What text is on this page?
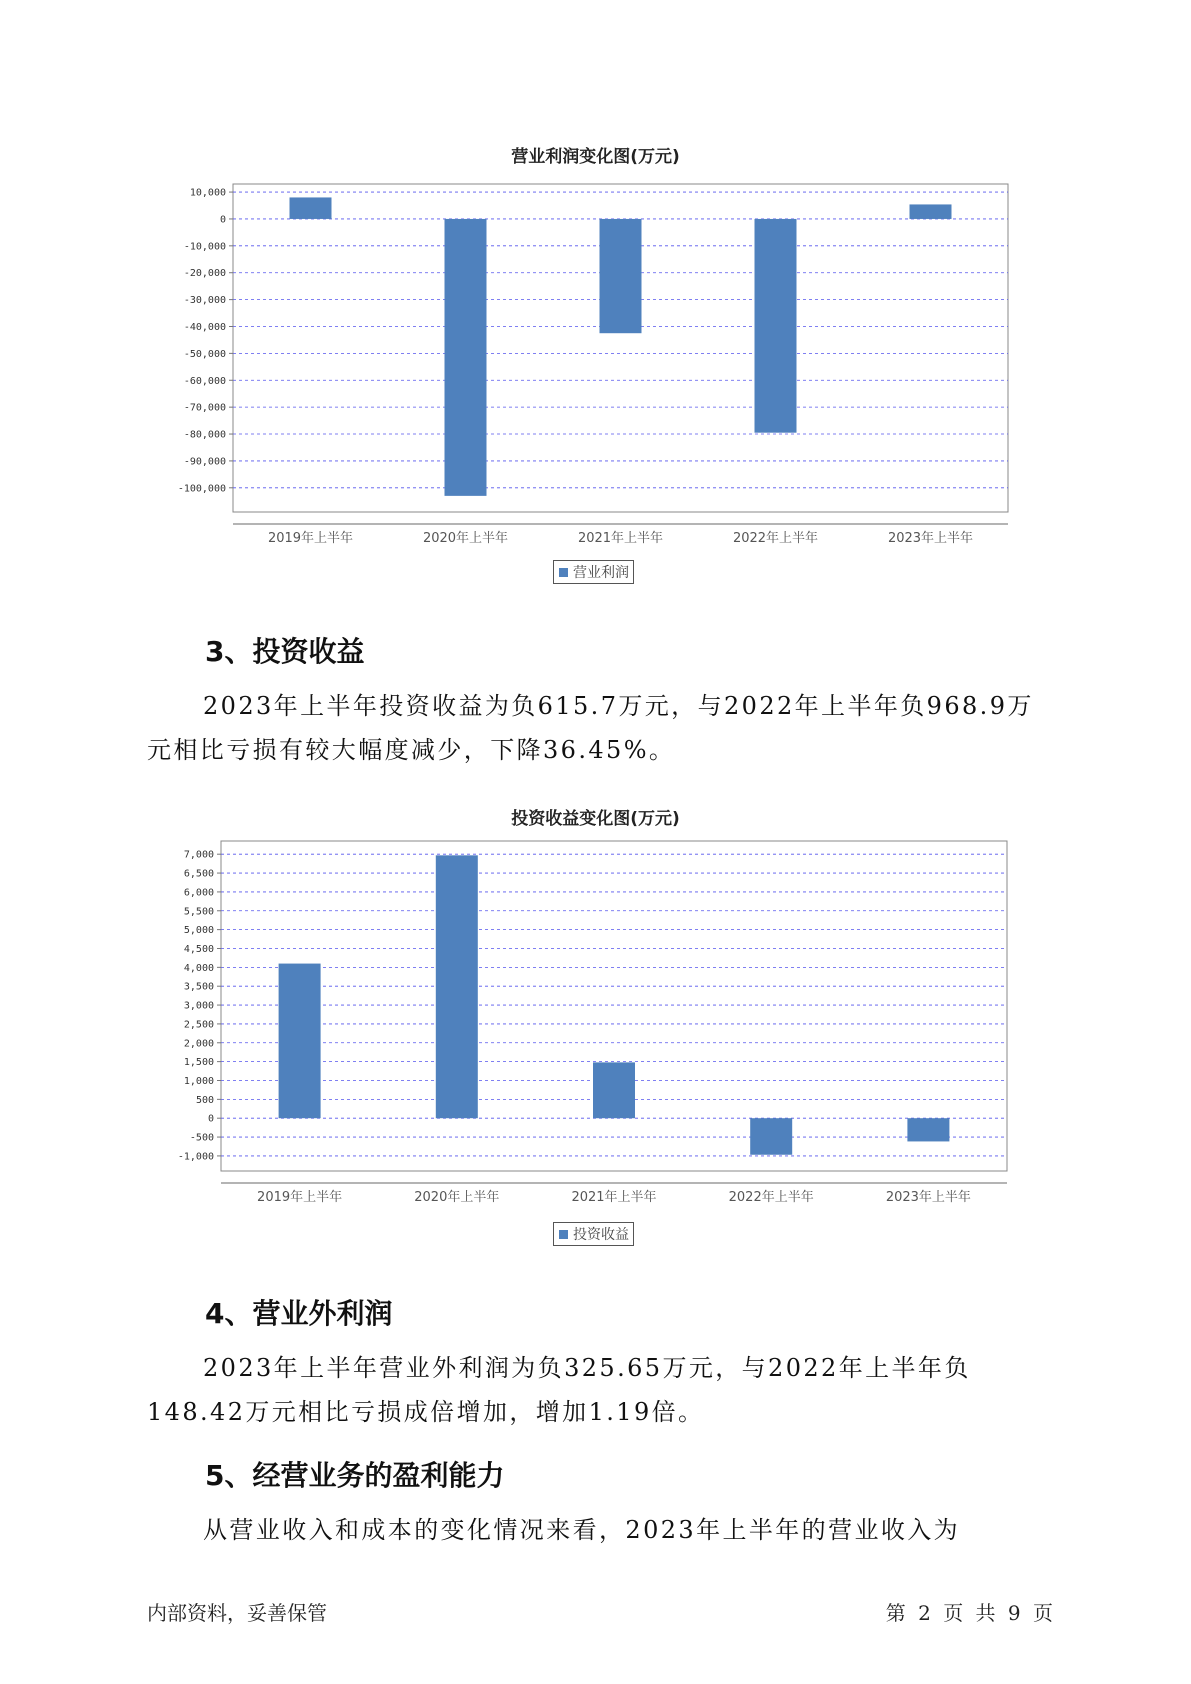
营业利润变化图(万元)
10,000
0
-10,000
-20,000
-30,000
-40,000
-50,000
-60,000
-70,000
-80,000
-90,000
-100,000
2019年上半年	2020年上半年	2021年上半年	2022年上半年	2023年上半年
营业利润
3、投资收益
2023年上半年投资收益为负615.7万元，与2022年上半年负968.9万元相比亏损有较大幅度减少，下降36.45%。
投资收益变化图(万元)
7,000
6,500
6,000
5,500
5,000
4,500
4,000
3,500
3,000
2,500
2,000
1,500
1,000
500
0
-500
-1,000
2019年上半年	2020年上半年	2021年上半年	2022年上半年	2023年上半年
投资收益
4、营业外利润
2023年上半年营业外利润为负325.65万元，与2022年上半年负148.42万元相比亏损成倍增加，增加1.19倍。
5、经营业务的盈利能力
从营业收入和成本的变化情况来看，2023年上半年的营业收入为
内部资料，妥善保管	第 2 页 共 9 页
